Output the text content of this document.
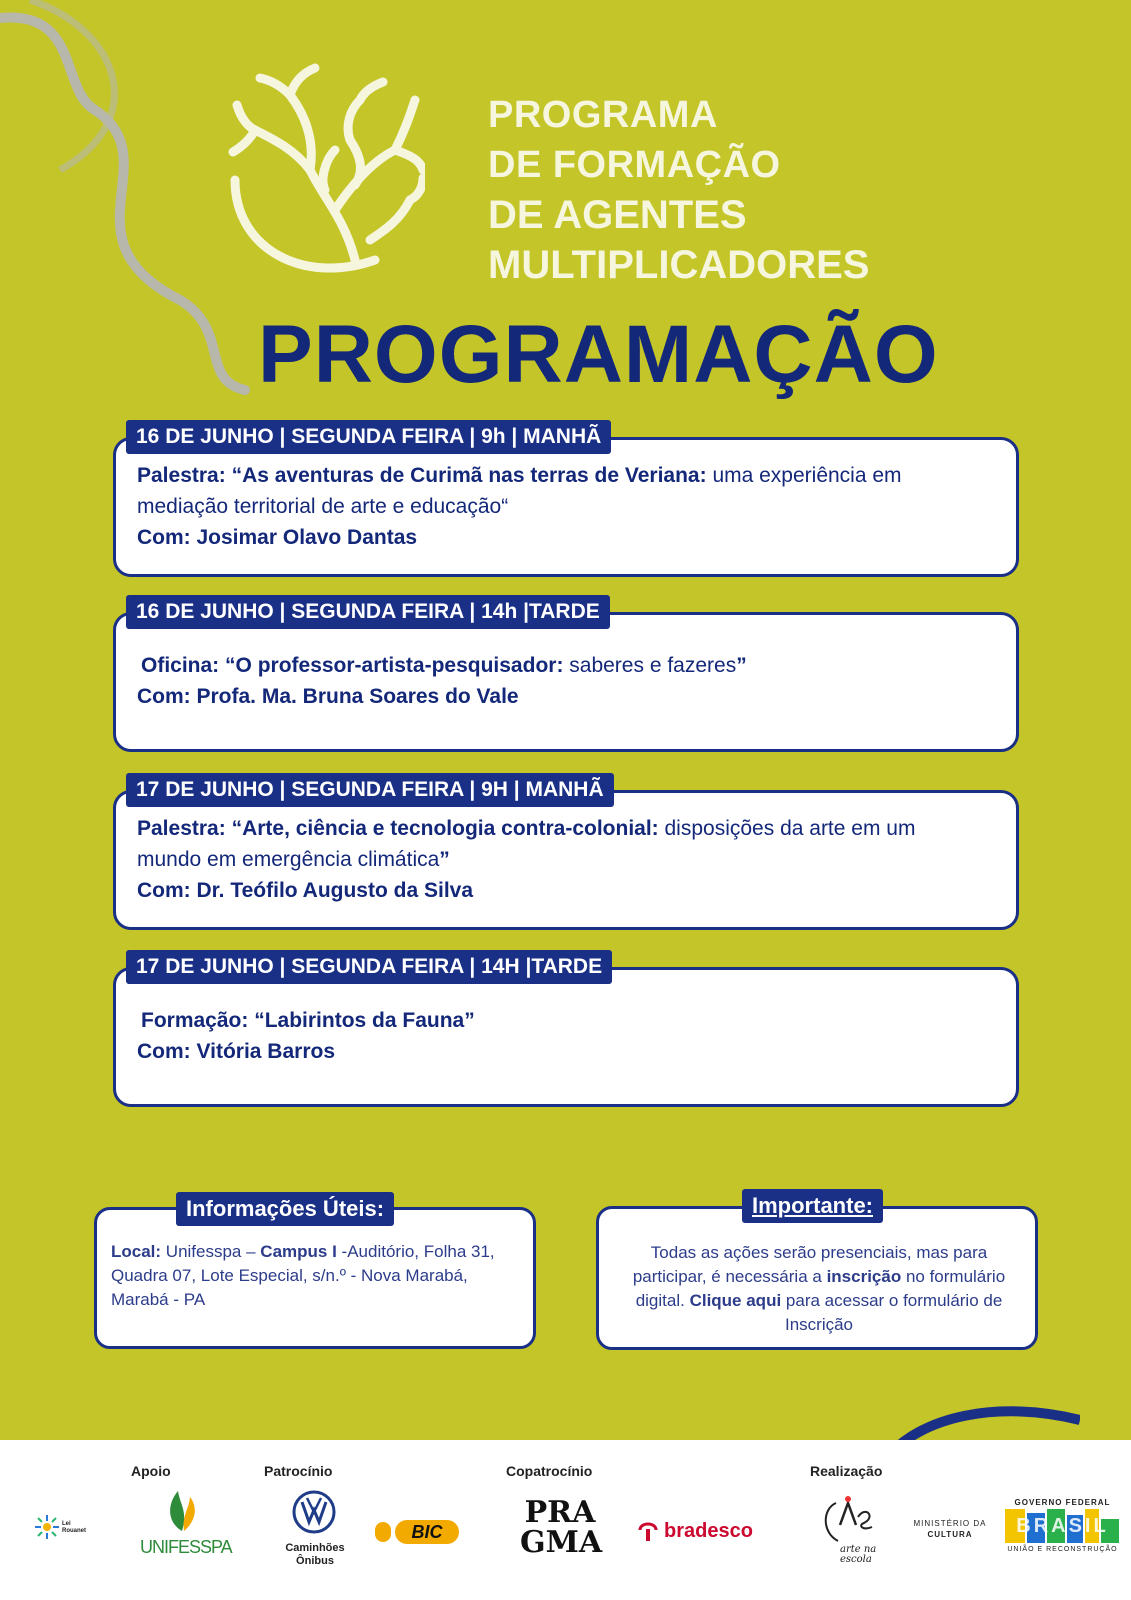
PROGRAMA
DE FORMAÇÃO
DE AGENTES
MULTIPLICADORES
PROGRAMAÇÃO
16 DE JUNHO | SEGUNDA FEIRA | 9h | MANHÃ
Palestra: “As aventuras de Curimã nas terras de Veriana: uma experiência em mediação territorial de arte e educação“
Com: Josimar Olavo Dantas
16 DE JUNHO | SEGUNDA FEIRA | 14h |TARDE
Oficina: “O professor-artista-pesquisador: saberes e fazeres”
Com: Profa. Ma. Bruna Soares do Vale
17 DE JUNHO | SEGUNDA FEIRA | 9H | MANHÃ
Palestra: “Arte, ciência e tecnologia contra-colonial: disposições da arte em um mundo em emergência climática”
Com: Dr. Teófilo Augusto da Silva
17 DE JUNHO | SEGUNDA FEIRA | 14H |TARDE
Formação: “Labirintos da Fauna”
Com: Vitória Barros
Informações Úteis:
Local: Unifesspa – Campus I -Auditório, Folha 31, Quadra 07, Lote Especial, s/n.º - Nova Marabá, Marabá - PA
Importante:
Todas as ações serão presenciais, mas para participar, é necessária a inscrição no formulário digital. Clique aqui para acessar o formulário de Inscrição
Apoio	Patrocínio	Copatrocínio	Realização
Lei Rouanet
UNIFESSPA	Caminhões Ônibus
BIC
PRA
GMA	bradesco
arte na escola
MINISTÉRIO DA
CULTURA
GOVERNO FEDERAL
BRASIL
UNIÃO E RECONSTRUÇÃO
